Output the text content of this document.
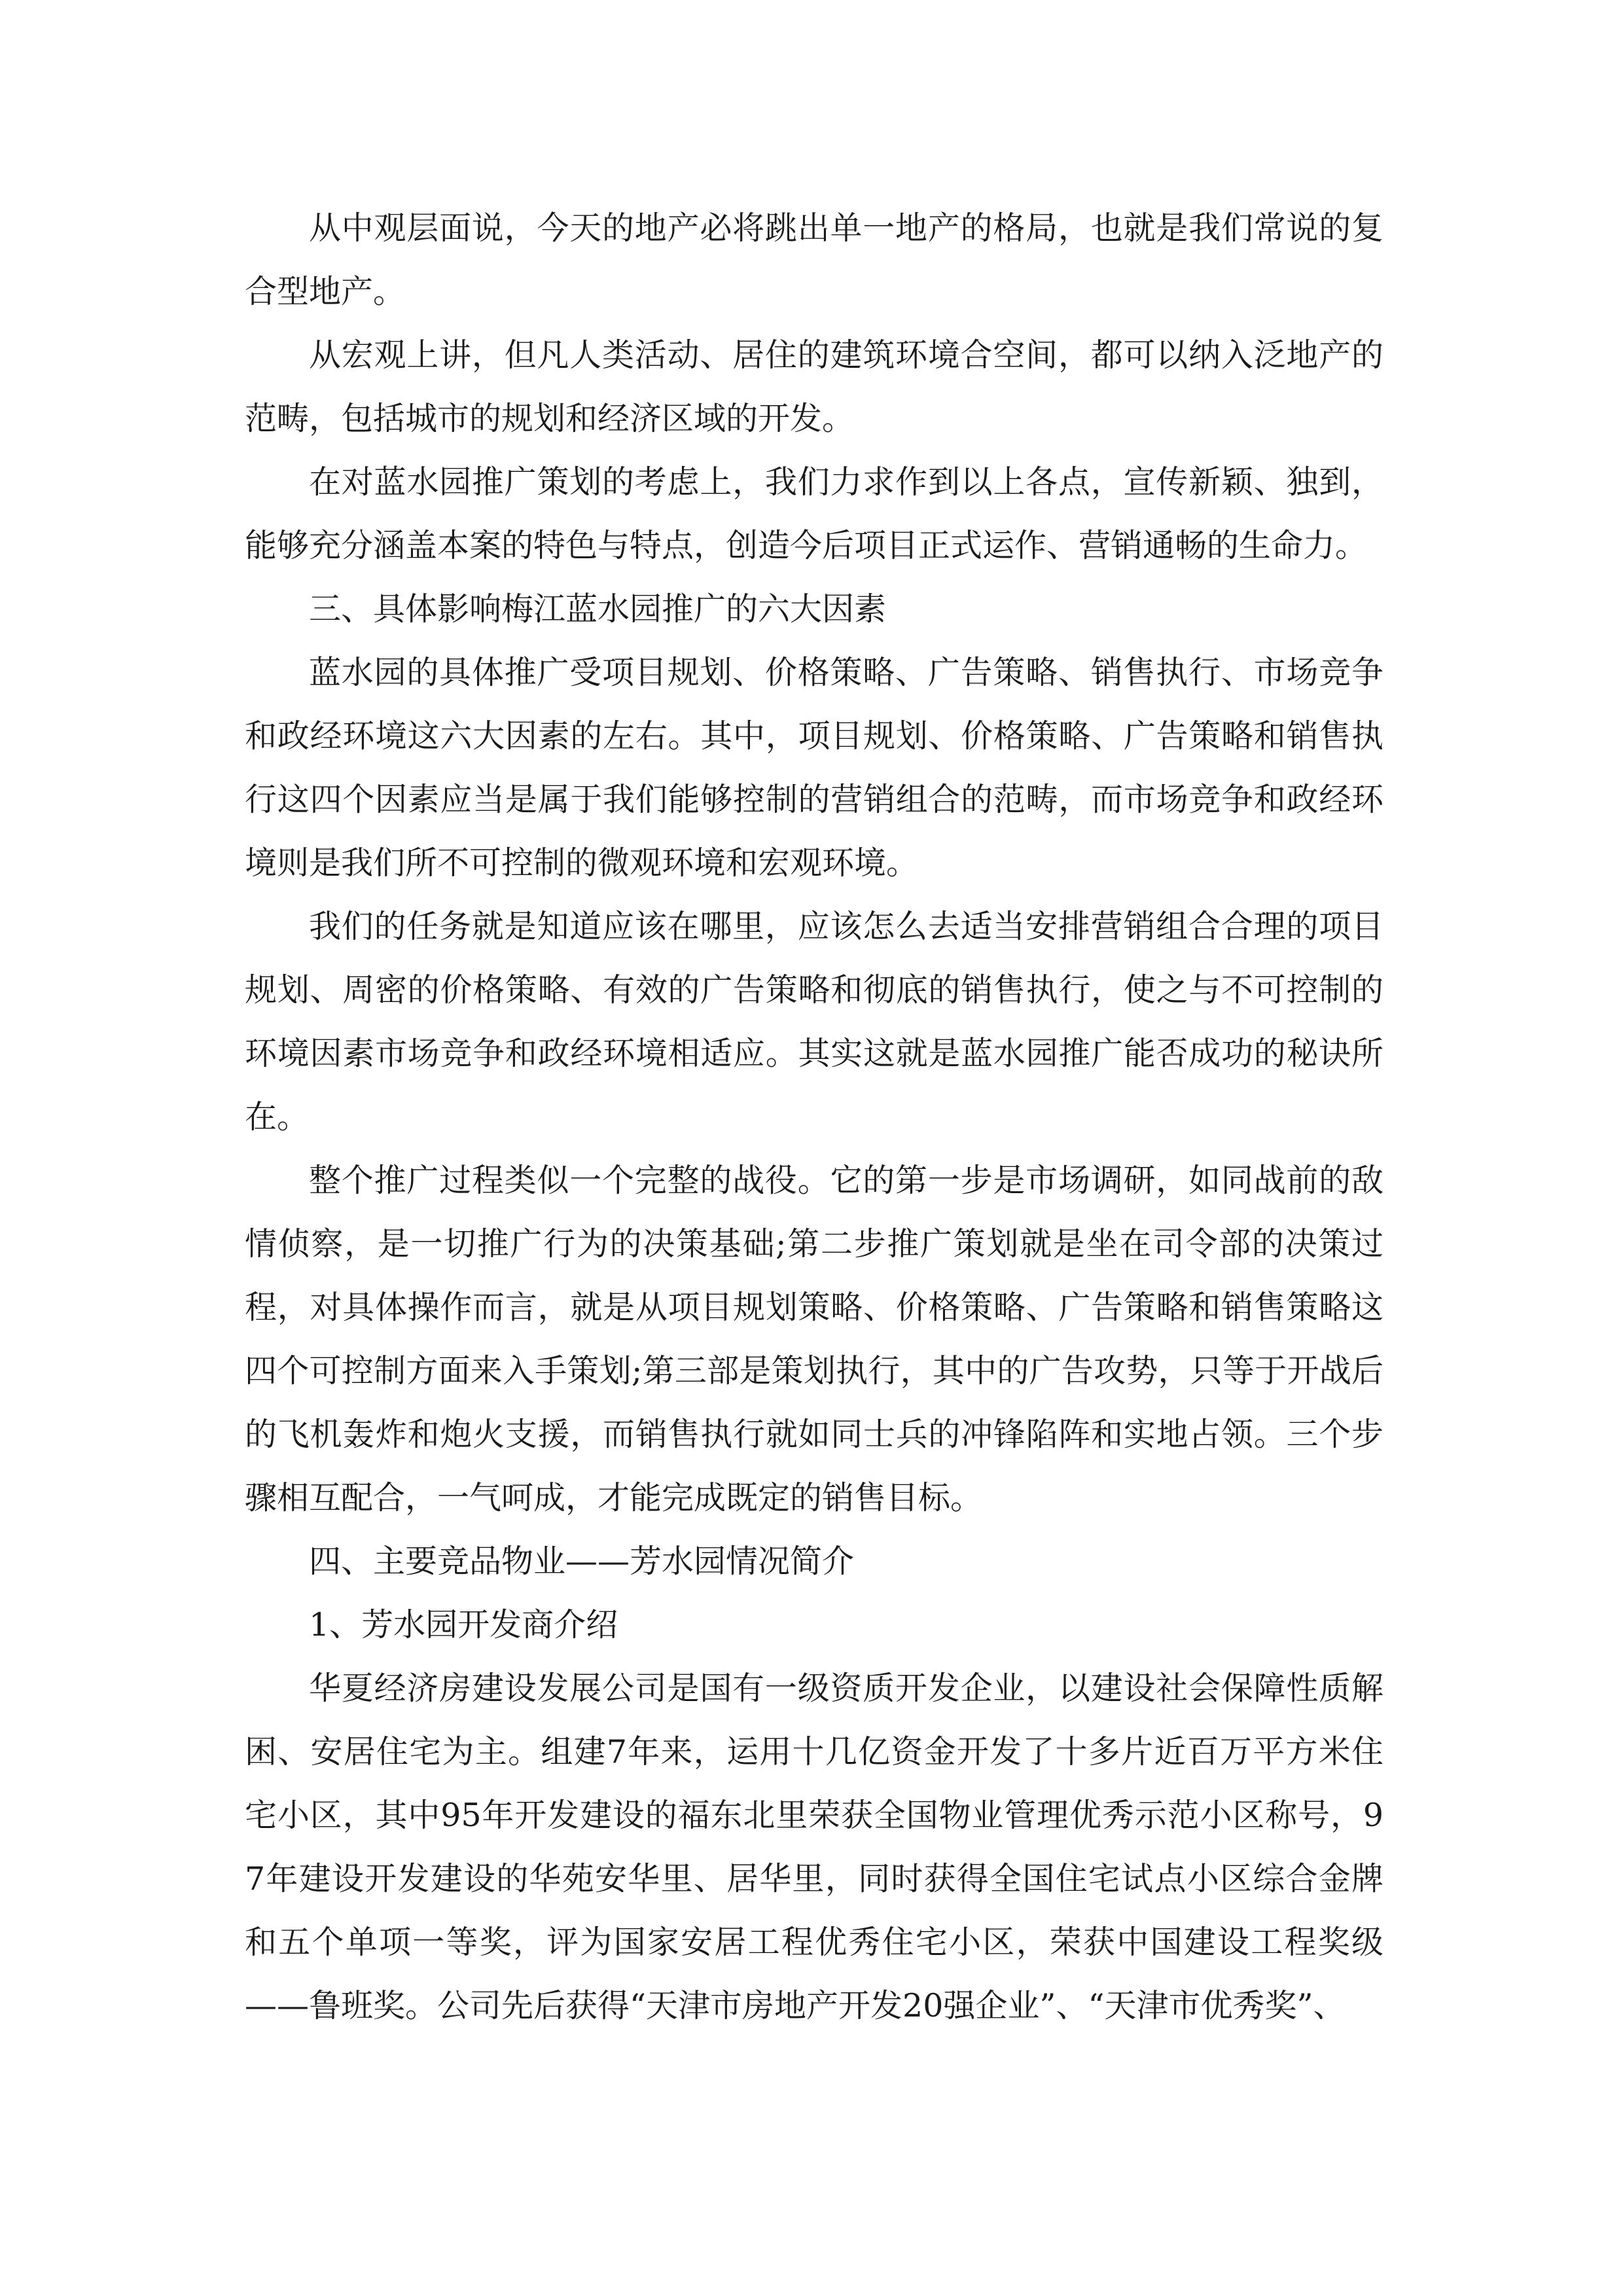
从中观层面说，今天的地产必将跳出单一地产的格局，也就是我们常说的复合型地产。

从宏观上讲，但凡人类活动、居住的建筑环境合空间，都可以纳入泛地产的范畴，包括城市的规划和经济区域的开发。

在对蓝水园推广策划的考虑上，我们力求作到以上各点，宣传新颖、独到，能够充分涵盖本案的特色与特点，创造今后项目正式运作、营销通畅的生命力。

三、具体影响梅江蓝水园推广的六大因素

蓝水园的具体推广受项目规划、价格策略、广告策略、销售执行、市场竞争和政经环境这六大因素的左右。其中，项目规划、价格策略、广告策略和销售执行这四个因素应当是属于我们能够控制的营销组合的范畴，而市场竞争和政经环境则是我们所不可控制的微观环境和宏观环境。

我们的任务就是知道应该在哪里，应该怎么去适当安排营销组合合理的项目规划、周密的价格策略、有效的广告策略和彻底的销售执行，使之与不可控制的环境因素市场竞争和政经环境相适应。其实这就是蓝水园推广能否成功的秘诀所在。

整个推广过程类似一个完整的战役。它的第一步是市场调研，如同战前的敌情侦察，是一切推广行为的决策基础;第二步推广策划就是坐在司令部的决策过程，对具体操作而言，就是从项目规划策略、价格策略、广告策略和销售策略这四个可控制方面来入手策划;第三部是策划执行，其中的广告攻势，只等于开战后的飞机轰炸和炮火支援，而销售执行就如同士兵的冲锋陷阵和实地占领。三个步骤相互配合，一气呵成，才能完成既定的销售目标。

四、主要竞品物业——芳水园情况简介

1、芳水园开发商介绍

华夏经济房建设发展公司是国有一级资质开发企业，以建设社会保障性质解困、安居住宅为主。组建7年来，运用十几亿资金开发了十多片近百万平方米住宅小区，其中95年开发建设的福东北里荣获全国物业管理优秀示范小区称号，97年建设开发建设的华苑安华里、居华里，同时获得全国住宅试点小区综合金牌和五个单项一等奖，评为国家安居工程优秀住宅小区，荣获中国建设工程奖级——鲁班奖。公司先后获得“天津市房地产开发20强企业”、“天津市优秀奖”、
